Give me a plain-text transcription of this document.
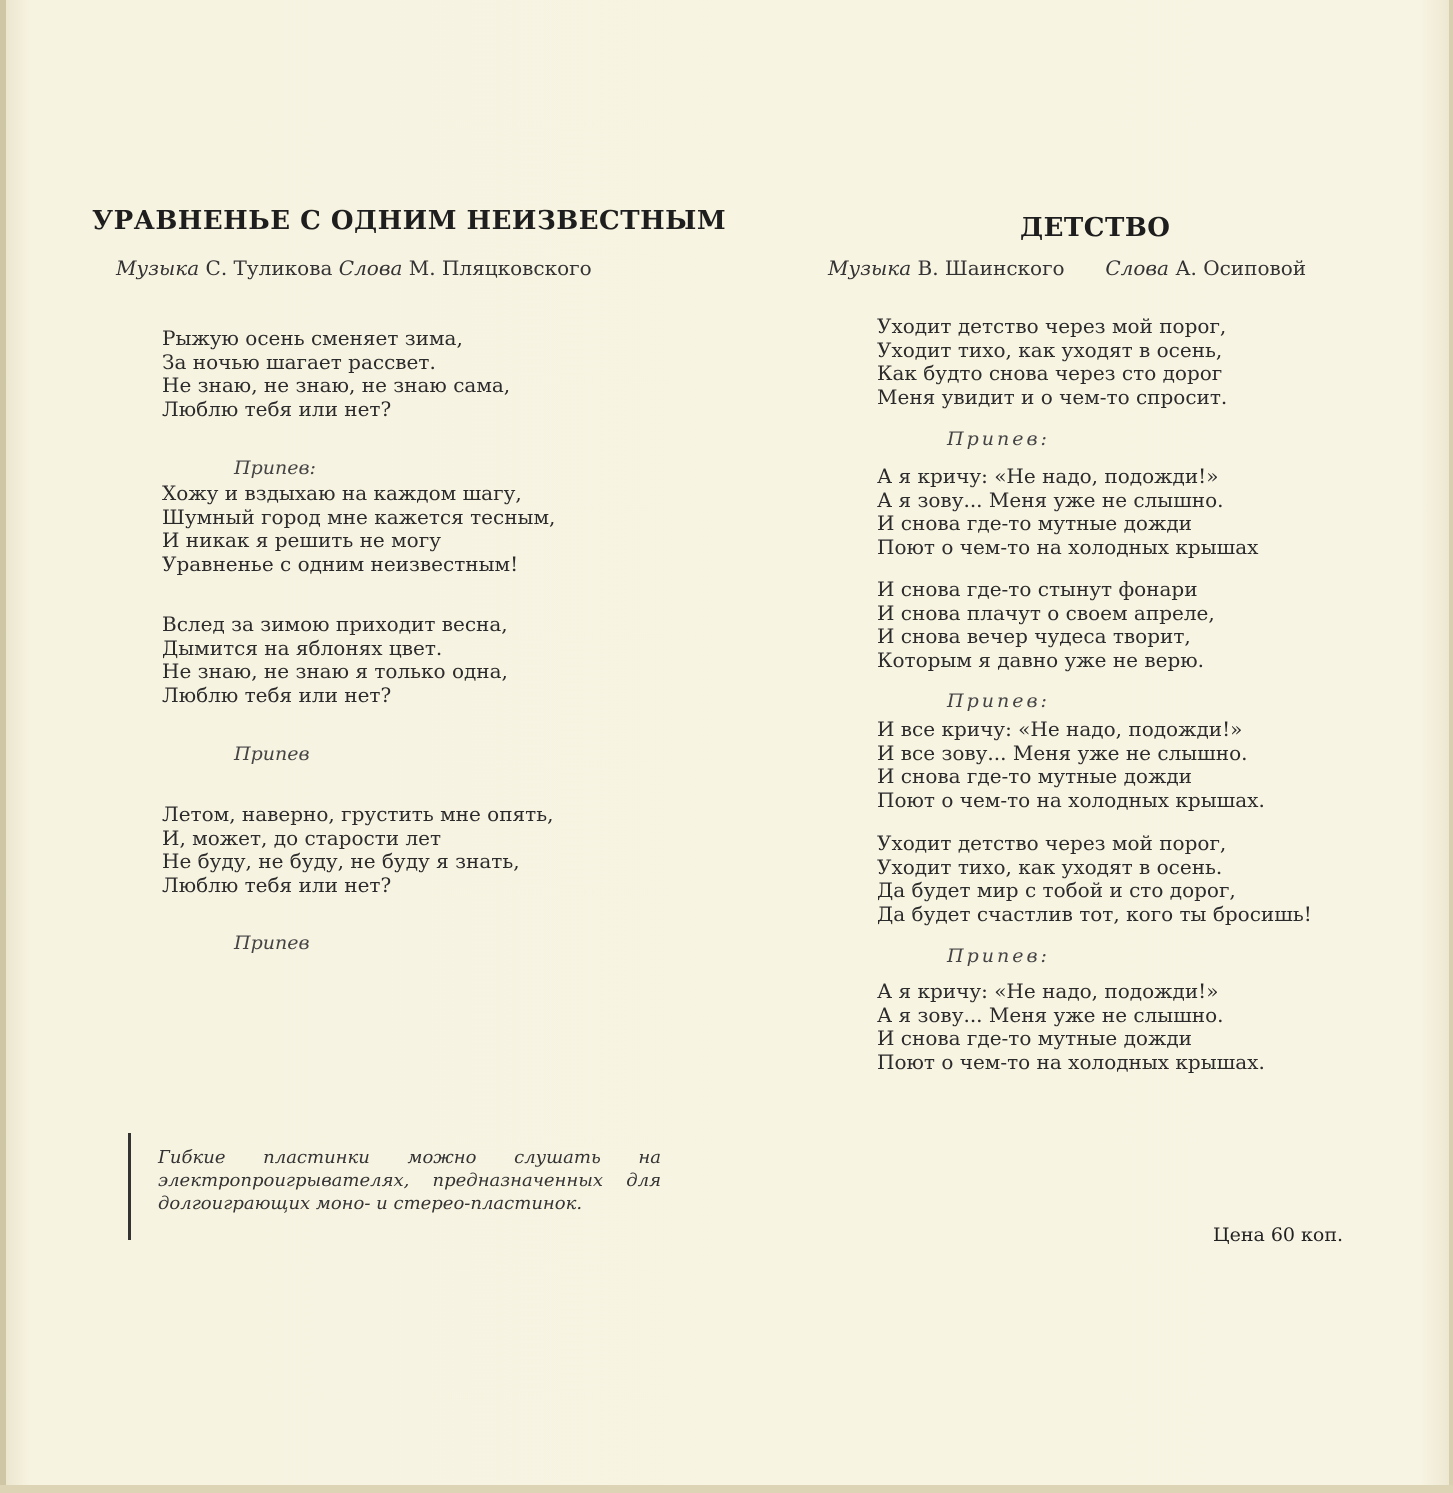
УРАВНЕНЬЕ С ОДНИМ НЕИЗВЕСТНЫМ
Музыка С. Туликова Слова М. Пляцковского
Рыжую осень сменяет зима,
За ночью шагает рассвет.
Не знаю, не знаю, не знаю сама,
Люблю тебя или нет?
Припев:
Хожу и вздыхаю на каждом шагу,
Шумный город мне кажется тесным,
И никак я решить не могу
Уравненье с одним неизвестным!
Вслед за зимою приходит весна,
Дымится на яблонях цвет.
Не знаю, не знаю я только одна,
Люблю тебя или нет?
Припев
Летом, наверно, грустить мне опять,
И, может, до старости лет
Не буду, не буду, не буду я знать,
Люблю тебя или нет?
Припев
ДЕТСТВО
Музыка В. Шаинского Слова А. Осиповой
Уходит детство через мой порог,
Уходит тихо, как уходят в осень,
Как будто снова через сто дорог
Меня увидит и о чем-то спросит.
Припев:
А я кричу: «Не надо, подожди!»
А я зову... Меня уже не слышно.
И снова где-то мутные дожди
Поют о чем-то на холодных крышах
И снова где-то стынут фонари
И снова плачут о своем апреле,
И снова вечер чудеса творит,
Которым я давно уже не верю.
Припев:
И все кричу: «Не надо, подожди!»
И все зову... Меня уже не слышно.
И снова где-то мутные дожди
Поют о чем-то на холодных крышах.
Уходит детство через мой порог,
Уходит тихо, как уходят в осень.
Да будет мир с тобой и сто дорог,
Да будет счастлив тот, кого ты бросишь!
Припев:
А я кричу: «Не надо, подожди!»
А я зову... Меня уже не слышно.
И снова где-то мутные дожди
Поют о чем-то на холодных крышах.
Гибкие пластинки можно слушать на электропроигрывателях, предназначенных для долгоиграющих моно- и стерео-пластинок.
Цена 60 коп.
